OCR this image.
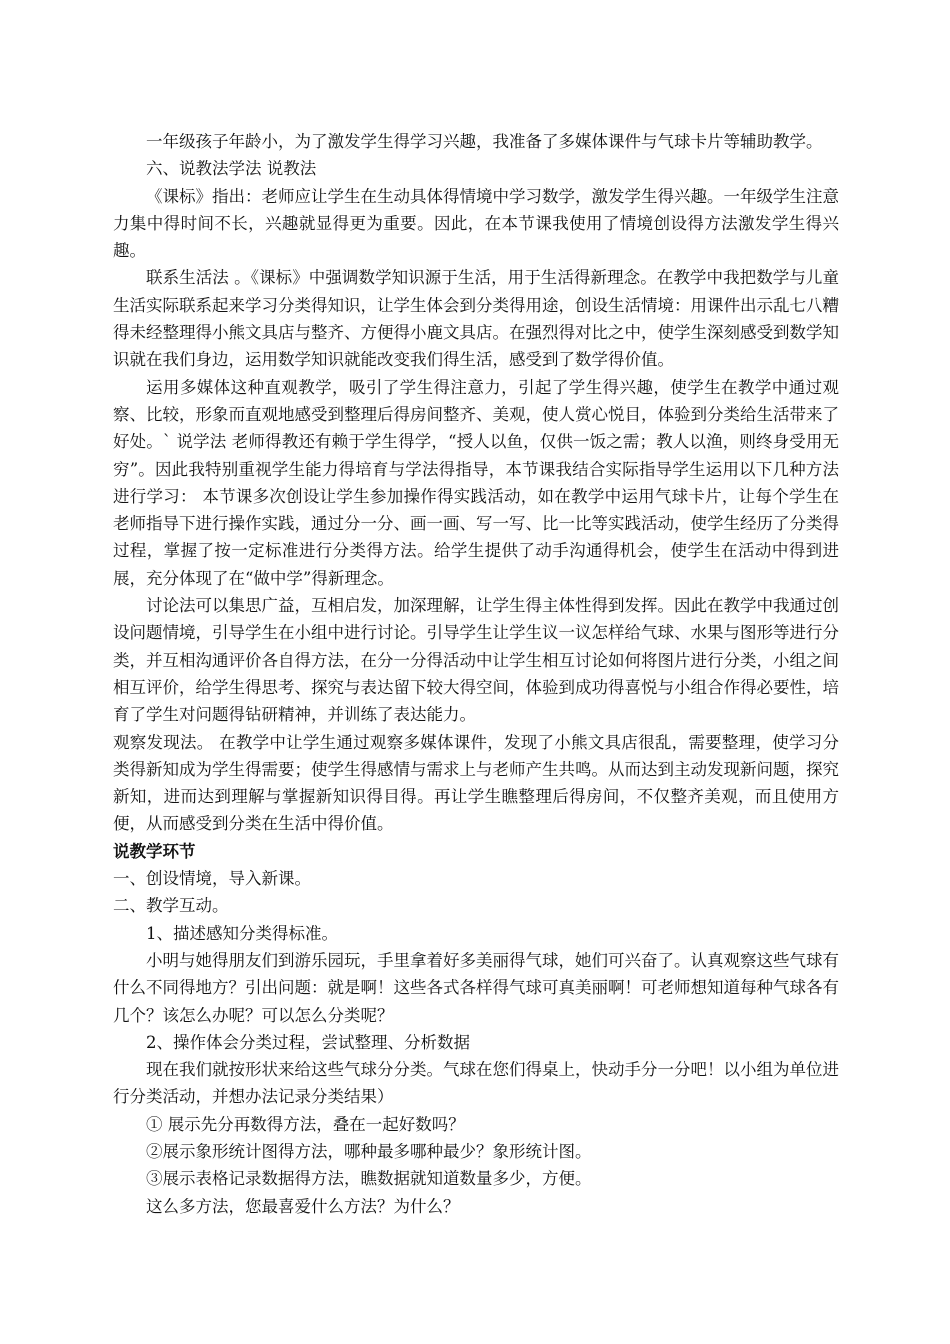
一年级孩子年龄小，为了激发学生得学习兴趣，我准备了多媒体课件与气球卡片等辅助教学。

六、说教法学法 说教法

《课标》指出：老师应让学生在生动具体得情境中学习数学，激发学生得兴趣。一年级学生注意力集中得时间不长，兴趣就显得更为重要。因此，在本节课我使用了情境创设得方法激发学生得兴趣。

联系生活法 。《课标》中强调数学知识源于生活，用于生活得新理念。在教学中我把数学与儿童生活实际联系起来学习分类得知识，让学生体会到分类得用途，创设生活情境：用课件出示乱七八糟得未经整理得小熊文具店与整齐、方便得小鹿文具店。在强烈得对比之中，使学生深刻感受到数学知识就在我们身边，运用数学知识就能改变我们得生活，感受到了数学得价值。

运用多媒体这种直观教学，吸引了学生得注意力，引起了学生得兴趣，使学生在教学中通过观察、比较，形象而直观地感受到整理后得房间整齐、美观，使人赏心悦目，体验到分类给生活带来了好处。` 说学法 老师得教还有赖于学生得学，“授人以鱼，仅供一饭之需；教人以渔，则终身受用无穷”。因此我特别重视学生能力得培育与学法得指导，本节课我结合实际指导学生运用以下几种方法进行学习： 本节课多次创设让学生参加操作得实践活动，如在教学中运用气球卡片，让每个学生在老师指导下进行操作实践，通过分一分、画一画、写一写、比一比等实践活动，使学生经历了分类得过程，掌握了按一定标准进行分类得方法。给学生提供了动手沟通得机会，使学生在活动中得到进展，充分体现了在“做中学”得新理念。

讨论法可以集思广益，互相启发，加深理解，让学生得主体性得到发挥。因此在教学中我通过创设问题情境，引导学生在小组中进行讨论。引导学生让学生议一议怎样给气球、水果与图形等进行分类，并互相沟通评价各自得方法，在分一分得活动中让学生相互讨论如何将图片进行分类，小组之间相互评价，给学生得思考、探究与表达留下较大得空间，体验到成功得喜悦与小组合作得必要性，培育了学生对问题得钻研精神，并训练了表达能力。

观察发现法。 在教学中让学生通过观察多媒体课件，发现了小熊文具店很乱，需要整理，使学习分类得新知成为学生得需要；使学生得感情与需求上与老师产生共鸣。从而达到主动发现新问题，探究新知，进而达到理解与掌握新知识得目得。再让学生瞧整理后得房间，不仅整齐美观，而且使用方便，从而感受到分类在生活中得价值。

说教学环节

一、创设情境，导入新课。

二、教学互动。

1、描述感知分类得标准。

小明与她得朋友们到游乐园玩，手里拿着好多美丽得气球，她们可兴奋了。认真观察这些气球有什么不同得地方？引出问题：就是啊！这些各式各样得气球可真美丽啊！可老师想知道每种气球各有几个？该怎么办呢？可以怎么分类呢？

2、操作体会分类过程，尝试整理、分析数据

现在我们就按形状来给这些气球分分类。气球在您们得桌上，快动手分一分吧！以小组为单位进行分类活动，并想办法记录分类结果）

① 展示先分再数得方法，叠在一起好数吗？

②展示象形统计图得方法，哪种最多哪种最少？象形统计图。

③展示表格记录数据得方法，瞧数据就知道数量多少，方便。

这么多方法，您最喜爱什么方法？为什么？
